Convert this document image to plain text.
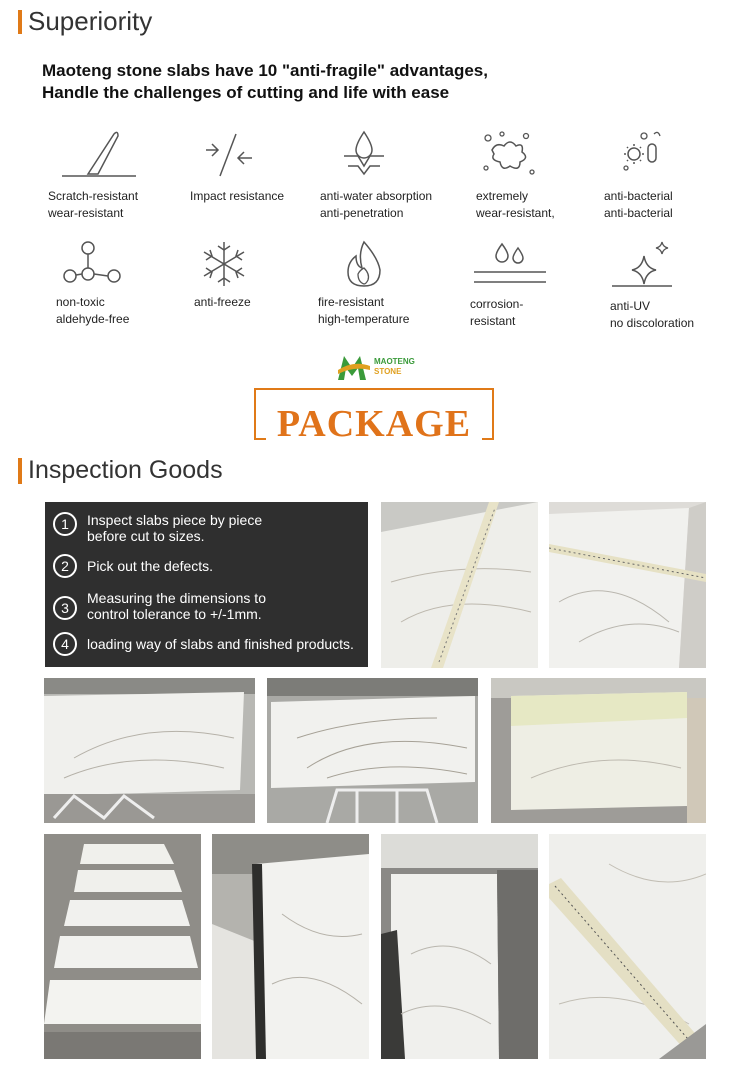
Superiority
Maoteng stone slabs have 10 "anti-fragile" advantages,
Handle the challenges of cutting and life with ease
Scratch-resistant
wear-resistant
Impact resistance	anti-water absorption
anti-penetration
extremely
wear-resistant,
anti-bacterial
anti-bacterial
non-toxic
aldehyde-free
anti-freeze	fire-resistant
high-temperature
corrosion-
resistant
anti-UV
no discoloration
MAOTENG
STONE
PACKAGE
Inspection Goods
1	Inspect slabs piece by piece
before cut to sizes.
2	Pick out the defects.
3
Measuring the dimensions to
control tolerance to +/-1mm.
4	loading way of slabs and finished products.
